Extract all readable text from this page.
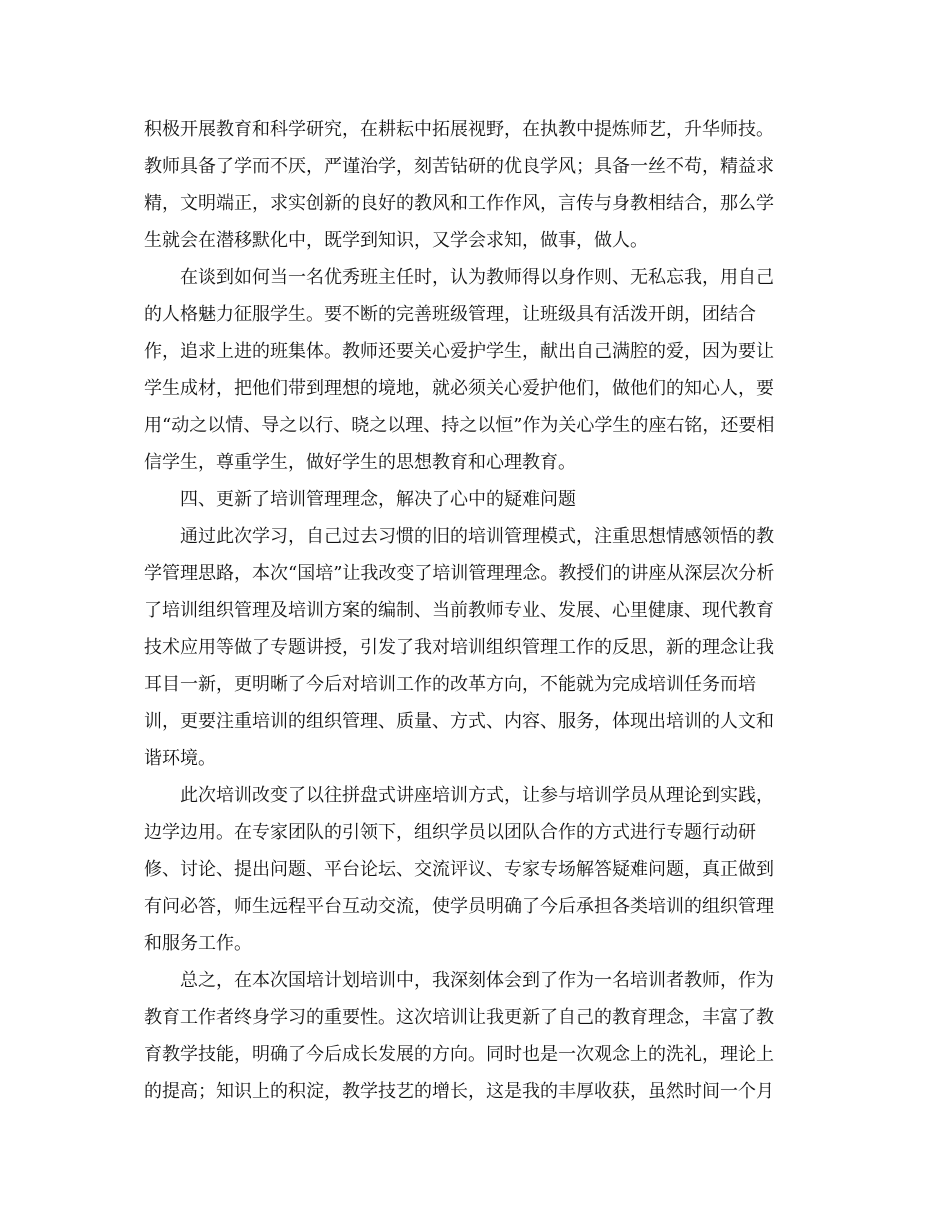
积极开展教育和科学研究，在耕耘中拓展视野，在执教中提炼师艺，升华师技。
教师具备了学而不厌，严谨治学，刻苦钻研的优良学风；具备一丝不苟，精益求
精，文明端正，求实创新的良好的教风和工作作风，言传与身教相结合，那么学
生就会在潜移默化中，既学到知识，又学会求知，做事，做人。
在谈到如何当一名优秀班主任时，认为教师得以身作则、无私忘我，用自己
的人格魅力征服学生。要不断的完善班级管理，让班级具有活泼开朗，团结合
作，追求上进的班集体。教师还要关心爱护学生，献出自己满腔的爱，因为要让
学生成材，把他们带到理想的境地，就必须关心爱护他们，做他们的知心人，要
用“动之以情、导之以行、晓之以理、持之以恒”作为关心学生的座右铭，还要相
信学生，尊重学生，做好学生的思想教育和心理教育。
四、更新了培训管理理念，解决了心中的疑难问题
通过此次学习，自己过去习惯的旧的培训管理模式，注重思想情感领悟的教
学管理思路，本次“国培”让我改变了培训管理理念。教授们的讲座从深层次分析
了培训组织管理及培训方案的编制、当前教师专业、发展、心里健康、现代教育
技术应用等做了专题讲授，引发了我对培训组织管理工作的反思，新的理念让我
耳目一新，更明晰了今后对培训工作的改革方向，不能就为完成培训任务而培
训，更要注重培训的组织管理、质量、方式、内容、服务，体现出培训的人文和
谐环境。
此次培训改变了以往拼盘式讲座培训方式，让参与培训学员从理论到实践，
边学边用。在专家团队的引领下，组织学员以团队合作的方式进行专题行动研
修、讨论、提出问题、平台论坛、交流评议、专家专场解答疑难问题，真正做到
有问必答，师生远程平台互动交流，使学员明确了今后承担各类培训的组织管理
和服务工作。
总之，在本次国培计划培训中，我深刻体会到了作为一名培训者教师，作为
教育工作者终身学习的重要性。这次培训让我更新了自己的教育理念，丰富了教
育教学技能，明确了今后成长发展的方向。同时也是一次观念上的洗礼，理论上
的提高；知识上的积淀，教学技艺的增长，这是我的丰厚收获，虽然时间一个月
